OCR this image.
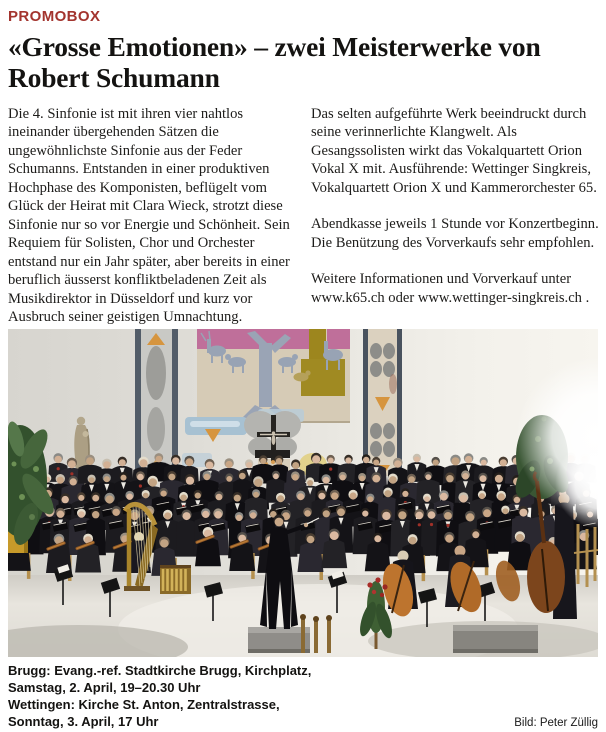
PROMOBOX
«Grosse Emotionen» – zwei Meisterwerke von Robert Schumann

Die 4. Sinfonie ist mit ihren vier nahtlos ineinander übergehenden Sätzen die ungewöhnlichste Sinfonie aus der Feder Schumanns. Entstanden in einer produktiven Hochphase des Komponisten, beflügelt vom Glück der Heirat mit Clara Wieck, strotzt diese Sinfonie nur so vor Energie und Schönheit. Sein Requiem für Solisten, Chor und Orchester entstand nur ein Jahr später, aber bereits in einer beruflich äusserst konfliktbeladenen Zeit als Musikdirektor in Düsseldorf und kurz vor Ausbruch seiner geistigen Umnachtung.

Das selten aufgeführte Werk beeindruckt durch seine verinnerlichte Klangwelt. Als Gesangssolisten wirkt das Vokalquartett Orion Vokal X mit. Ausführende: Wettinger Singkreis, Vokalquartett Orion X und Kammerorchester 65.

Abendkasse jeweils 1 Stunde vor Konzertbeginn. Die Benützung des Vorverkaufs sehr empfohlen.

Weitere Informationen und Vorverkauf unter www.k65.ch oder www.wettinger-singkreis.ch .

Brugg: Evang.-ref. Stadtkirche Brugg, Kirchplatz,
Samstag, 2. April, 19–20.30 Uhr
Wettingen: Kirche St. Anton, Zentralstrasse,
Sonntag, 3. April, 17 Uhr	Bild: Peter Züllig
